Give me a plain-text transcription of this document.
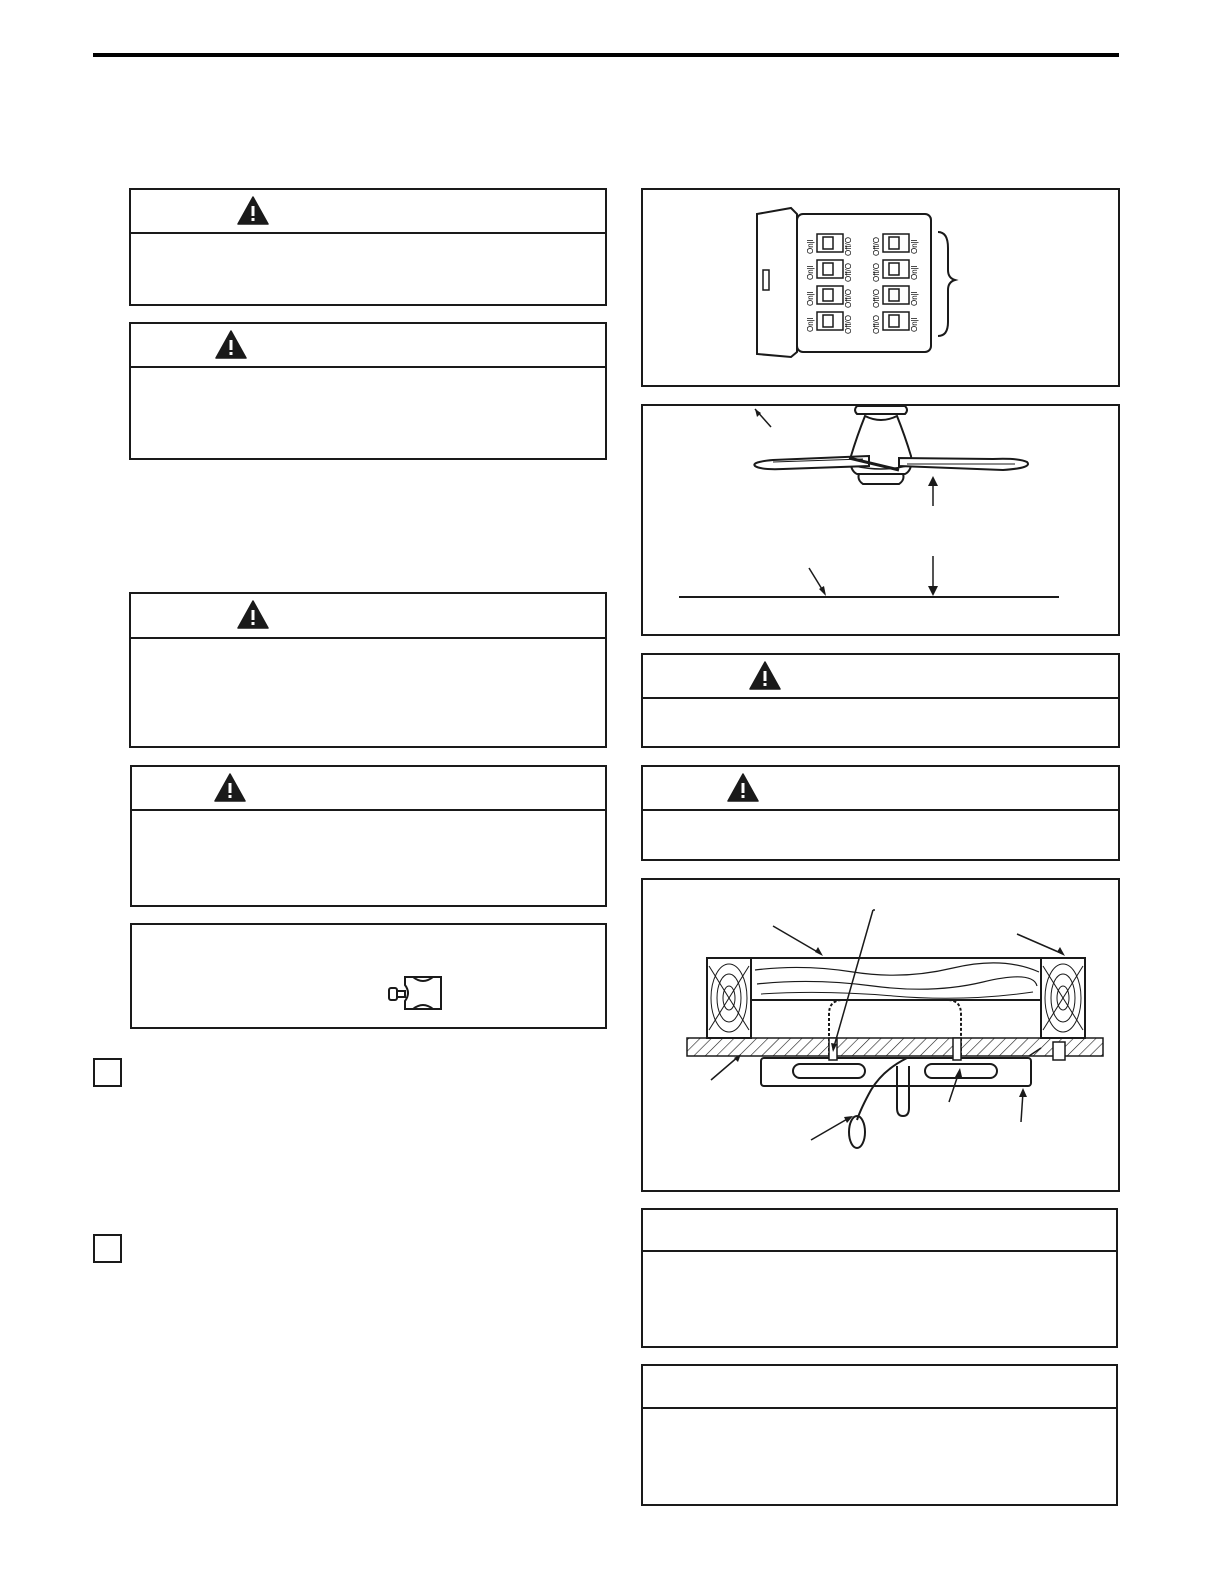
On|l	Off/O
On|l	Off/O
On|l	Off/O
On|l	Off/O
Off/O	On|l
Off/O	On|l
Off/O	On|l
Off/O	On|l
